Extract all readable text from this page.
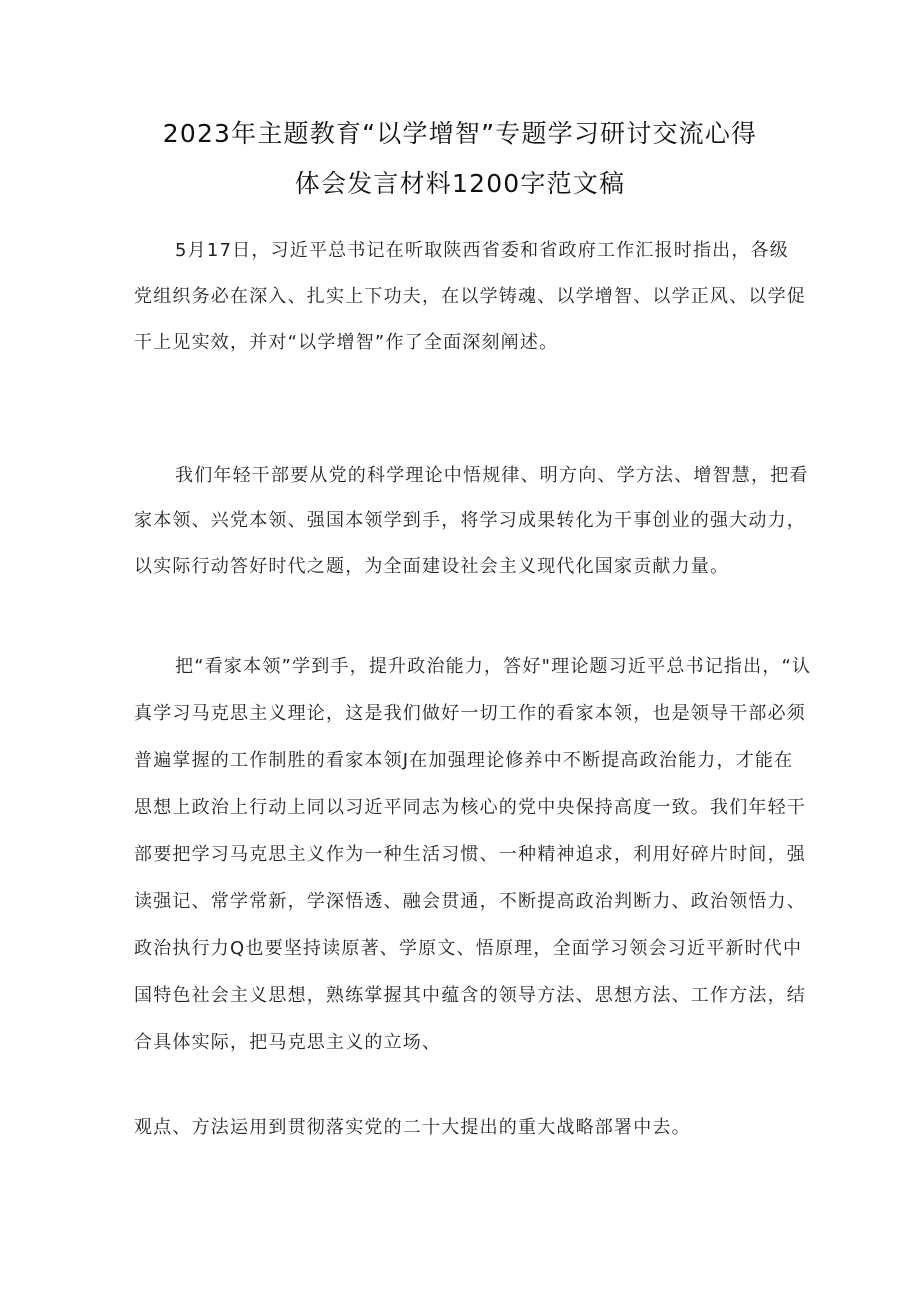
2023年主题教育“以学增智”专题学习研讨交流心得
体会发言材料1200字范文稿
5月17日，习近平总书记在听取陕西省委和省政府工作汇报时指出，各级
党组织务必在深入、扎实上下功夫，在以学铸魂、以学增智、以学正风、以学促
干上见实效，并对“以学增智”作了全面深刻阐述。
我们年轻干部要从党的科学理论中悟规律、明方向、学方法、增智慧，把看
家本领、兴党本领、强国本领学到手，将学习成果转化为干事创业的强大动力，
以实际行动答好时代之题，为全面建设社会主义现代化国家贡献力量。
把“看家本领”学到手，提升政治能力，答好"理论题习近平总书记指出，“认
真学习马克思主义理论，这是我们做好一切工作的看家本领，也是领导干部必须
普遍掌握的工作制胜的看家本领J在加强理论修养中不断提高政治能力，才能在
思想上政治上行动上同以习近平同志为核心的党中央保持高度一致。我们年轻干
部要把学习马克思主义作为一种生活习惯、一种精神追求，利用好碎片时间，强
读强记、常学常新，学深悟透、融会贯通，不断提高政治判断力、政治领悟力、
政治执行力Q也要坚持读原著、学原文、悟原理，全面学习领会习近平新时代中
国特色社会主义思想，熟练掌握其中蕴含的领导方法、思想方法、工作方法，结
合具体实际，把马克思主义的立场、
观点、方法运用到贯彻落实党的二十大提出的重大战略部署中去。
